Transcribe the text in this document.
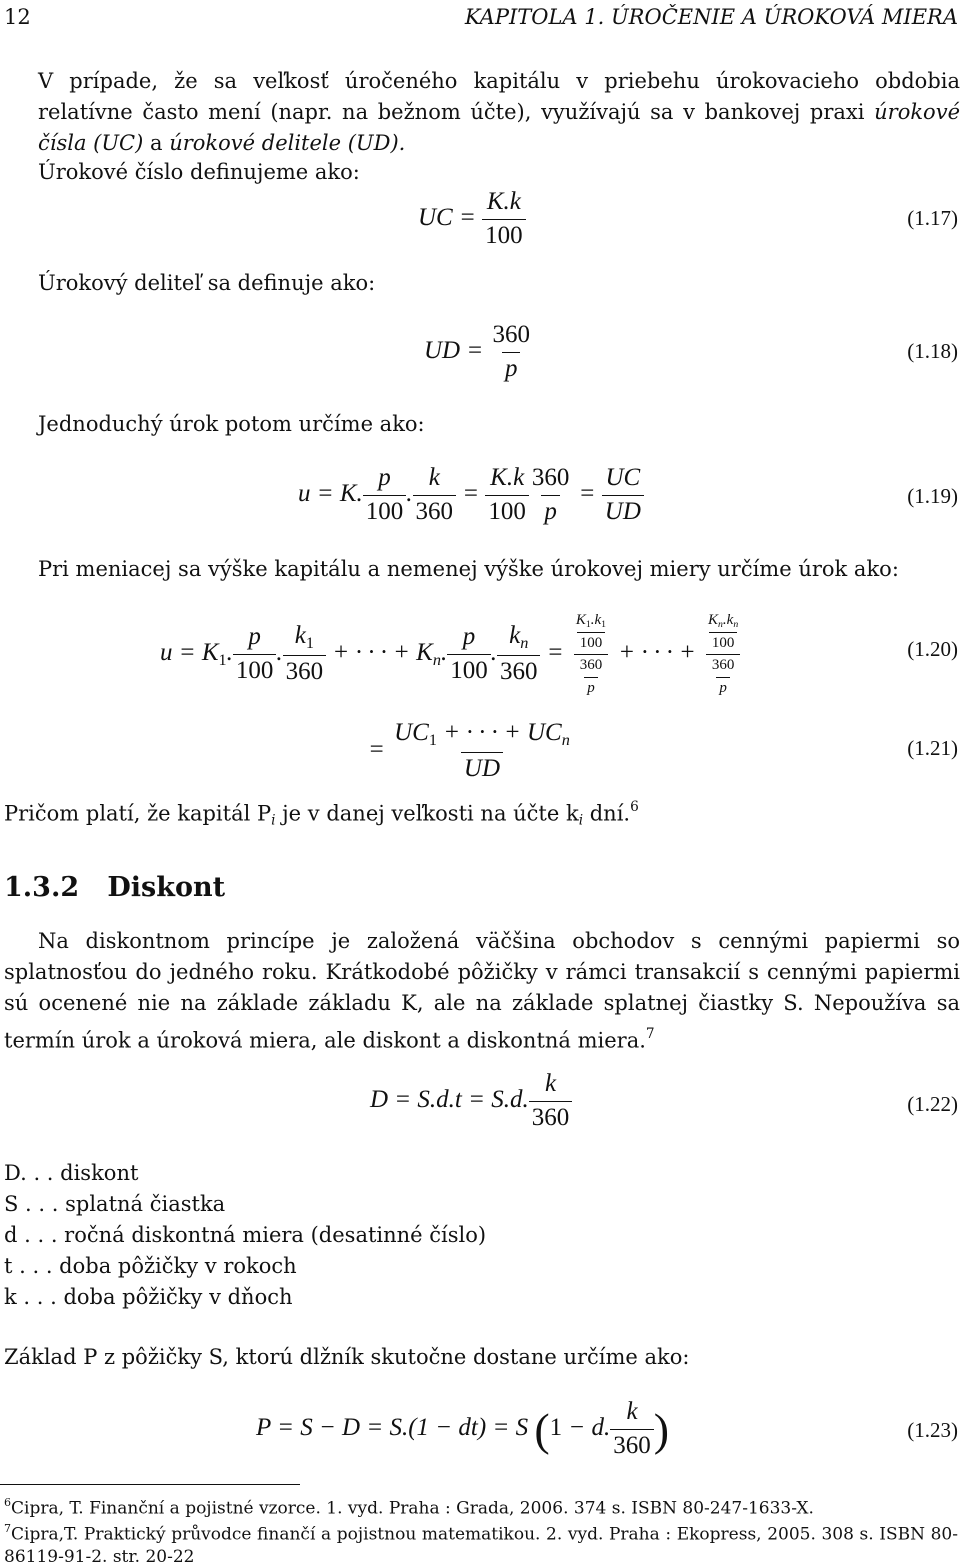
12	KAPITOLA 1. ÚROČENIE A ÚROKOVÁ MIERA
V prípade, že sa veľkosť úročeného kapitálu v priebehu úrokovacieho obdobia relatívne často mení (napr. na bežnom účte), využívajú sa v bankovej praxi úrokové čísla (UC) a úrokové delitele (UD).
Úrokové číslo definujeme ako:
UC = $\frac{K.k}{100}$	(1.17)
Úrokový deliteľ sa definuje ako:
UD = $\frac{360}{p}$	(1.18)
Jednoduchý úrok potom určíme ako:
u = K. $\frac{p}{100}$ . $\frac{k}{360} = \frac{K.k}{100} \frac{360}{p} = \frac{UC}{UD}$	(1.19)
Pri meniacej sa výške kapitálu a nemenej výške úrokovej miery určíme úrok ako:
$u = K_1$. $\frac{p}{100}$ . $\frac{k_1}{360}$ + · · · + $K_n$. $\frac{p}{100}$ . $\frac{k_n}{360} = \frac{\frac{K_1.k_1}{100}}{\frac{360}{p}}$ + · · · + $\frac{\frac{K_n.k_n}{100}}{\frac{360}{p}}$	(1.20)
= $\frac{UC_1 + \cdot \cdot \cdot + UC_n}{UD}$	(1.21)
Pričom platí, že kapitál $P_i$ je v danej veľkosti na účte $k_i$ dní.$^6$
1.3.2 Diskont
Na diskontnom princípe je založená väčšina obchodov s cennými papiermi so splatnosťou do jedného roku. Krátkodobé pôžičky v rámci transakcií s cennými papiermi sú ocenené nie na základe základu K, ale na základe splatnej čiastky S. Nepoužíva sa termín úrok a úroková miera, ale diskont a diskontná miera.$^7$
D = S.d.t = S.d. $\frac{k}{360}$	(1.22)
D. . . diskont
S . . . splatná čiastka
d . . . ročná diskontná miera (desatinné číslo)
t . . . doba pôžičky v rokoch
k . . . doba pôžičky v dňoch
Základ P z pôžičky S, ktorú dlžník skutočne dostane určíme ako:
P = S − D = S.(1 − dt) = S (1 − d. $\frac{k}{360}$ )	(1.23)
$^6$Cipra, T. Finanční a pojistné vzorce. 1. vyd. Praha : Grada, 2006. 374 s. ISBN 80-247-1633-X.
$^7$Cipra,T. Praktický průvodce finančí a pojistnou matematikou. 2. vyd. Praha : Ekopress, 2005. 308 s. ISBN 80-86119-91-2. str. 20-22
